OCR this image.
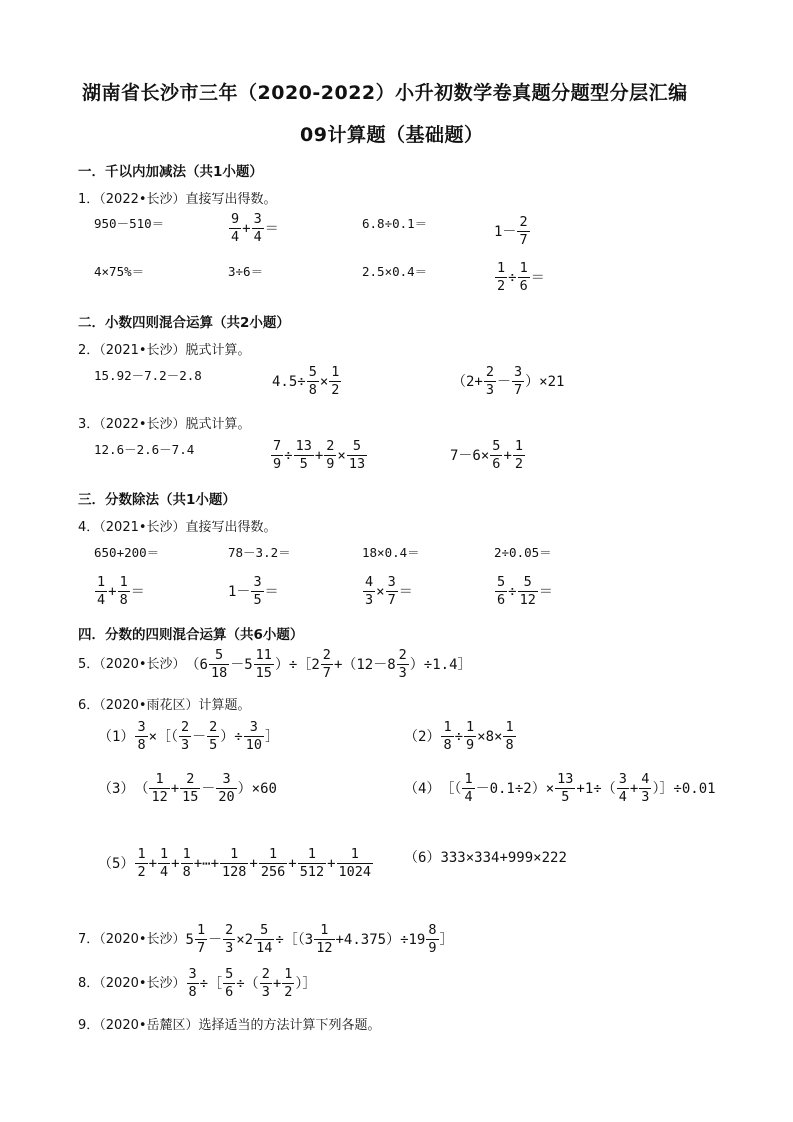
湖南省长沙市三年（2020-2022）小升初数学卷真题分题型分层汇编
09计算题（基础题）
一．千以内加减法（共1小题）
1．（2022•长沙）直接写出得数。
950－510＝	$\frac{9}{4} + \frac{3}{4}$ ＝	6.8÷0.1＝	$1- \frac{2}{7}$
4×75%＝	3÷6＝	2.5×0.4＝	$\frac{1}{2} \div \frac{1}{6}$ ＝
二．小数四则混合运算（共2小题）
2．（2021•长沙）脱式计算。
15.92－7.2－2.8	$4.5\div \frac{5}{8} \times \frac{1}{2}$	$(2+ \frac{2}{3} - \frac{3}{7} )\times 21$
3．（2022•长沙）脱式计算。
12.6－2.6－7.4	$\frac{7}{9} \div \frac{13}{5} + \frac{2}{9} \times \frac{5}{13}$	$7-6\times \frac{5}{6} + \frac{1}{2}$
三．分数除法（共1小题）
4．（2021•长沙）直接写出得数。
650+200＝	78－3.2＝	18×0.4＝	2÷0.05＝
$\frac{1}{4} + \frac{1}{8}$ ＝	$1- \frac{3}{5}$ ＝	$\frac{4}{3} \times \frac{3}{7}$ ＝	$\frac{5}{6} \div \frac{5}{12}$ ＝
四．分数的四则混合运算（共6小题）
5．（2020•长沙）（$6 \frac{5}{18} -5 \frac{11}{15}$ ）÷［2 $\frac{2}{7} +(12-8 \frac{2}{3}$ ）÷1.4］
6．（2020•雨花区）计算题。
$(1) \frac{3}{8}$ ×［（ $\frac{2}{3} - \frac{2}{5}$ ）÷ $\frac{3}{10}$ ］	$(2) \frac{1}{8} \div \frac{1}{9} \times 8\times \frac{1}{8}$
$(3)( \frac{1}{12} + \frac{2}{15} - \frac{3}{20} )\times 60$	（4）［（ $\frac{1}{4} -0.1\div 2)\times \frac{13}{5} +1\div( \frac{3}{4} + \frac{4}{3}$ ）］÷0.01
$(5) \frac{1}{2} + \frac{1}{4} + \frac{1}{8}$ +⋯+ $\frac{1}{128} + \frac{1}{256} + \frac{1}{512} + \frac{1}{1024} (6)333\times 334+999\times 222$
7．（2020•长沙）$5 \frac{1}{7} - \frac{2}{3} \times 2 \frac{5}{14}$ ÷［（3 $\frac{1}{12} +4.375)\div 19 \frac{8}{9}$ ］
8．（2020•长沙） $\frac{3}{8}$ ÷［ $\frac{5}{6}$ ÷（ $\frac{2}{3} + \frac{1}{2}$ ）］
9．（2020•岳麓区）选择适当的方法计算下列各题。
